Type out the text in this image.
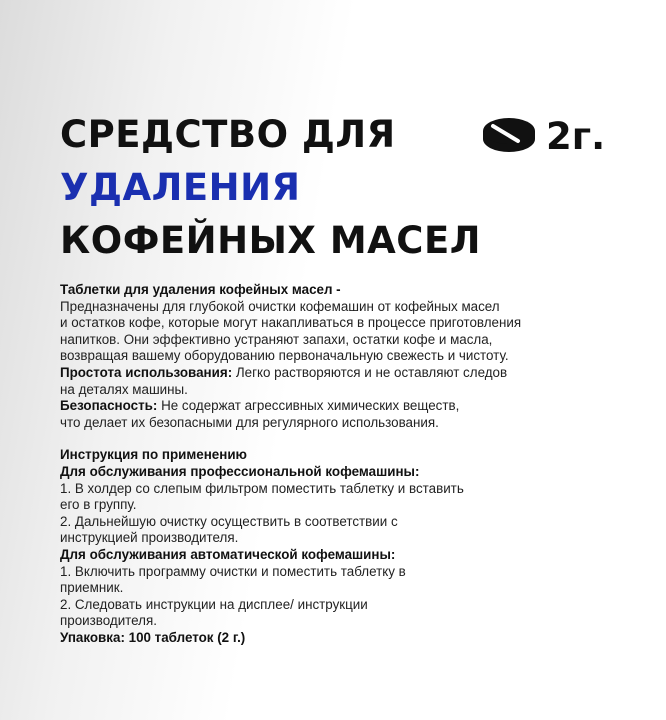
СРЕДСТВО ДЛЯ
УДАЛЕНИЯ
КОФЕЙНЫХ МАСЕЛ
2г.

Таблетки для удаления кофейных масел -

Предназначены для глубокой очистки кофемашин от кофейных масел

и остатков кофе, которые могут накапливаться в процессе приготовления

напитков. Они эффективно устраняют запахи, остатки кофе и масла,

возвращая вашему оборудованию первоначальную свежесть и чистоту.

Простота использования: Легко растворяются и не оставляют следов

на деталях машины.

Безопасность: Не содержат агрессивных химических веществ,

что делает их безопасными для регулярного использования.

Инструкция по применению

Для обслуживания профессиональной кофемашины:

1. В холдер со слепым фильтром поместить таблетку и вставить

его в группу.

2. Дальнейшую очистку осуществить в соответствии с

инструкцией производителя.

Для обслуживания автоматической кофемашины:

1. Включить программу очистки и поместить таблетку в

приемник.

2. Следовать инструкции на дисплее/ инструкции

производителя.

Упаковка: 100 таблеток (2 г.)
